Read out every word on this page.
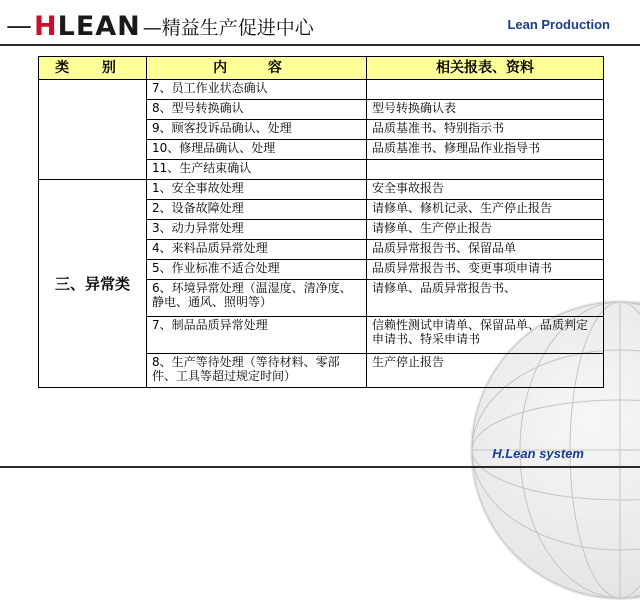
— HLEAN —精益生产促进中心	Lean Production
类 别	内 容	相关报表、资料
	7、员工作业状态确认	
	8、型号转换确认	型号转换确认表
	9、顾客投诉品确认、处理	品质基准书、特别指示书
	10、修理品确认、处理	品质基准书、修理品作业指导书
	11、生产结束确认	
三、异常类	1、安全事故处理	安全事故报告
	2、设备故障处理	请修单、修机记录、生产停止报告
	3、动力异常处理	请修单、生产停止报告
	4、来料品质异常处理	品质异常报告书、保留品单
	5、作业标准不适合处理	品质异常报告书、变更事项申请书
	6、环境异常处理（温湿度、清净度、静电、通风、照明等）	请修单、品质异常报告书、
	7、制品品质异常处理	信赖性测试申请单、保留品单、品质判定申请书、特采申请书
	8、生产等待处理（等待材料、零部件、工具等超过规定时间）	生产停止报告
H.Lean system
